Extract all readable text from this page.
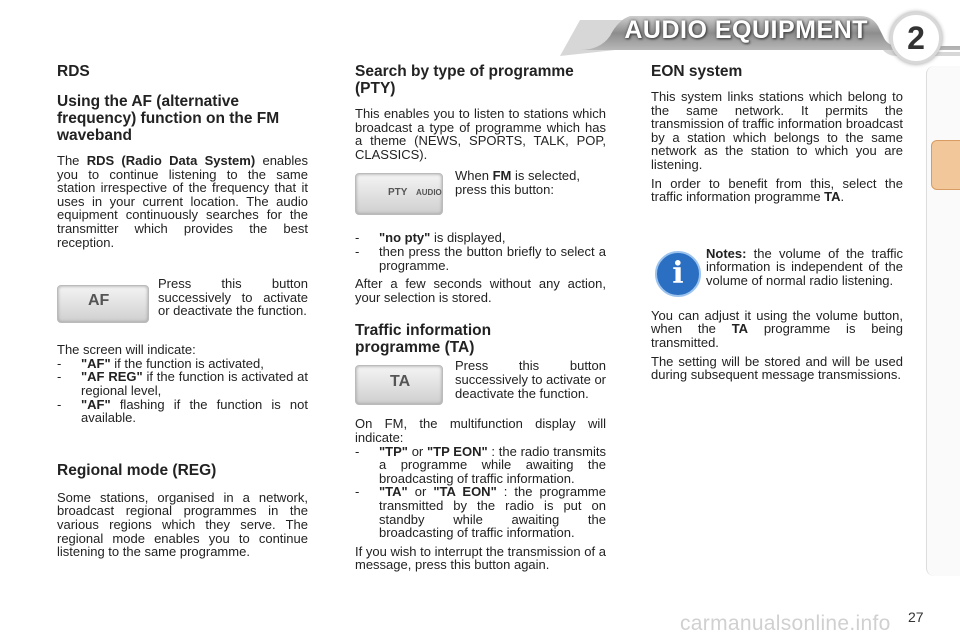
AUDIO EQUIPMENT	2
RDS
Using the AF (alternative frequency) function on the FM waveband

The RDS (Radio Data System) enables you to continue listening to the same station irrespective of the frequency that it uses in your current location. The audio equipment continuously searches for the transmitter which provides the best reception.

AF

Press this button successively to activate or deactivate the function.

The screen will indicate:

- "AF" if the function is activated,
- "AF REG" if the function is activated at regional level,
- "AF" flashing if the function is not available.
Regional mode (REG)

Some stations, organised in a network, broadcast regional programmes in the various regions which they serve. The regional mode enables you to continue listening to the same programme.

Search by type of programme (PTY)

This enables you to listen to stations which broadcast a type of programme which has a theme (NEWS, SPORTS, TALK, POP, CLASSICS).

PTY AUDIO

When FM is selected, press this button:

- "no pty" is displayed,
- then press the button briefly to select a programme.

After a few seconds without any action, your selection is stored.

Traffic information programme (TA)
TA

Press this button successively to activate or deactivate the function.

On FM, the multifunction display will indicate:

- "TP" or "TP EON" : the radio transmits a programme while awaiting the broadcasting of traffic information.
- "TA" or "TA EON" : the programme transmitted by the radio is put on standby while awaiting the broadcasting of traffic information.

If you wish to interrupt the transmission of a message, press this button again.

EON system

This system links stations which belong to the same network. It permits the transmission of traffic information broadcast by a station which belongs to the same network as the station to which you are listening.

In order to benefit from this, select the traffic information programme TA.

i

Notes: the volume of the traffic information is independent of the volume of normal radio listening.

You can adjust it using the volume button, when the TA programme is being transmitted.

The setting will be stored and will be used during subsequent message transmissions.

carmanualsonline.info 27
